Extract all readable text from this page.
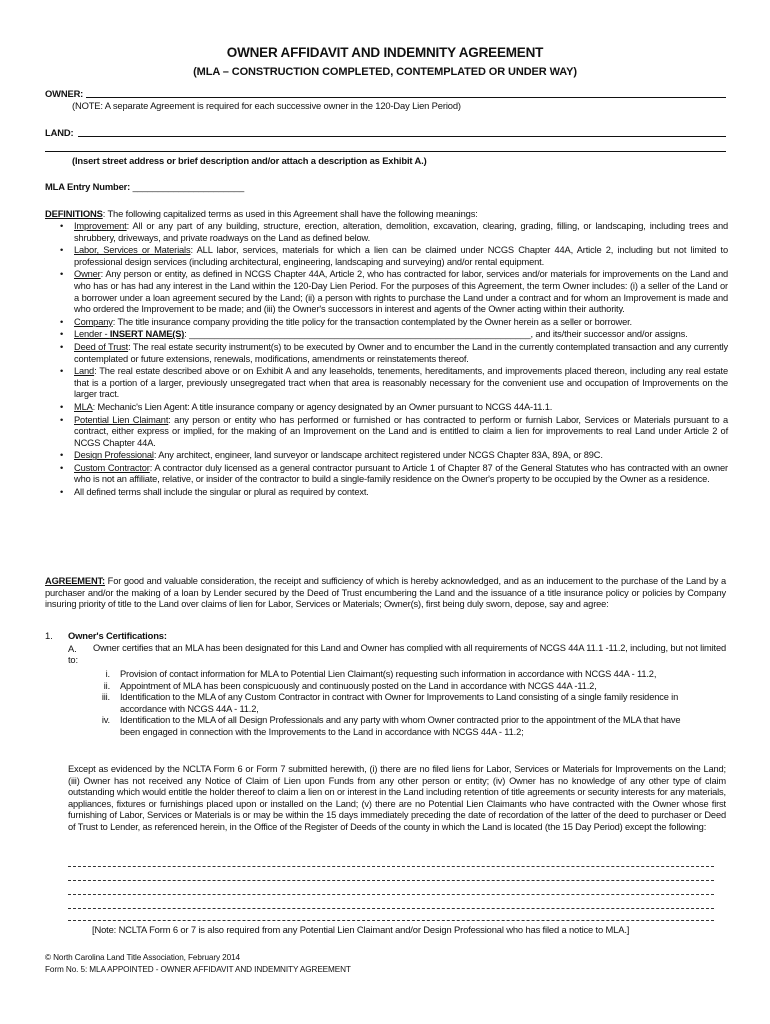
OWNER AFFIDAVIT AND INDEMNITY AGREEMENT
(MLA – CONSTRUCTION COMPLETED, CONTEMPLATED OR UNDER WAY)
OWNER:
(NOTE: A separate Agreement is required for each successive owner in the 120-Day Lien Period)
LAND:
(Insert street address or brief description and/or attach a description as Exhibit A.)
MLA Entry Number: ______________________
DEFINITIONS: The following capitalized terms as used in this Agreement shall have the following meanings:
• Improvement: All or any part of any building, structure, erection, alteration, demolition, excavation, clearing, grading, filling, or landscaping, including trees and shrubbery, driveways, and private roadways on the Land as defined below.
• Labor, Services or Materials: ALL labor, services, materials for which a lien can be claimed under NCGS Chapter 44A, Article 2, including but not limited to professional design services (including architectural, engineering, landscaping and surveying) and/or rental equipment.
• Owner: Any person or entity, as defined in NCGS Chapter 44A, Article 2, who has contracted for labor, services and/or materials for improvements on the Land and who has or has had any interest in the Land within the 120-Day Lien Period. For the purposes of this Agreement, the term Owner includes: (i) a seller of the Land or a borrower under a loan agreement secured by the Land; (ii) a person with rights to purchase the Land under a contract and for whom an Improvement is made and who ordered the Improvement to be made; and (iii) the Owner's successors in interest and agents of the Owner acting within their authority.
• Company: The title insurance company providing the title policy for the transaction contemplated by the Owner herein as a seller or borrower.
• Lender - INSERT NAME(S): ____________________________________________________________________, and its/their successor and/or assigns.
• Deed of Trust: The real estate security instrument(s) to be executed by Owner and to encumber the Land in the currently contemplated transaction and any currently contemplated or future extensions, renewals, modifications, amendments or reinstatements thereof.
• Land: The real estate described above or on Exhibit A and any leaseholds, tenements, hereditaments, and improvements placed thereon, including any real estate that is a portion of a larger, previously unsegregated tract when that area is reasonably necessary for the convenient use and occupation of Improvements on the larger tract.
• MLA: Mechanic's Lien Agent: A title insurance company or agency designated by an Owner pursuant to NCGS 44A-11.1.
• Potential Lien Claimant: any person or entity who has performed or furnished or has contracted to perform or furnish Labor, Services or Materials pursuant to a contract, either express or implied, for the making of an Improvement on the Land and is entitled to claim a lien for improvements to real Land under Article 2 of NCGS Chapter 44A.
• Design Professional: Any architect, engineer, land surveyor or landscape architect registered under NCGS Chapter 83A, 89A, or 89C.
• Custom Contractor: A contractor duly licensed as a general contractor pursuant to Article 1 of Chapter 87 of the General Statutes who has contracted with an owner who is not an affiliate, relative, or insider of the contractor to build a single-family residence on the Owner's property to be occupied by the Owner as a residence.
• All defined terms shall include the singular or plural as required by context.
AGREEMENT: For good and valuable consideration, the receipt and sufficiency of which is hereby acknowledged, and as an inducement to the purchase of the Land by a purchaser and/or the making of a loan by Lender secured by the Deed of Trust encumbering the Land and the issuance of a title insurance policy or policies by Company insuring priority of title to the Land over claims of lien for Labor, Services or Materials; Owner(s), first being duly sworn, depose, say and agree:
1. Owner's Certifications:
A.	Owner certifies that an MLA has been designated for this Land and Owner has complied with all requirements of NCGS 44A 11.1 -11.2, including, but not limited to:
i. Provision of contact information for MLA to Potential Lien Claimant(s) requesting such information in accordance with NCGS 44A - 11.2,
ii. Appointment of MLA has been conspicuously and continuously posted on the Land in accordance with NCGS 44A -11.2,
iii. Identification to the MLA of any Custom Contractor in contract with Owner for Improvements to Land consisting of a single family residence in accordance with NCGS 44A - 11.2,
iv. Identification to the MLA of all Design Professionals and any party with whom Owner contracted prior to the appointment of the MLA that have been engaged in connection with the Improvements to the Land in accordance with NCGS 44A - 11.2;
Except as evidenced by the NCLTA Form 6 or Form 7 submitted herewith, (i) there are no filed liens for Labor, Services or Materials for Improvements on the Land; (iii) Owner has not received any Notice of Claim of Lien upon Funds from any other person or entity; (iv) Owner has no knowledge of any other type of claim outstanding which would entitle the holder thereof to claim a lien on or interest in the Land including retention of title agreements or security interests for any materials, appliances, fixtures or furnishings placed upon or installed on the Land; (v) there are no Potential Lien Claimants who have contracted with the Owner whose first furnishing of Labor, Services or Materials is or may be within the 15 days immediately preceding the date of recordation of the latter of the deed to purchaser or Deed of Trust to Lender, as referenced herein, in the Office of the Register of Deeds of the county in which the Land is located (the 15 Day Period) except the following:
[Note: NCLTA Form 6 or 7 is also required from any Potential Lien Claimant and/or Design Professional who has filed a notice to MLA.]
© North Carolina Land Title Association, February 2014
Form No. 5: MLA APPOINTED - OWNER AFFIDAVIT AND INDEMNITY AGREEMENT
